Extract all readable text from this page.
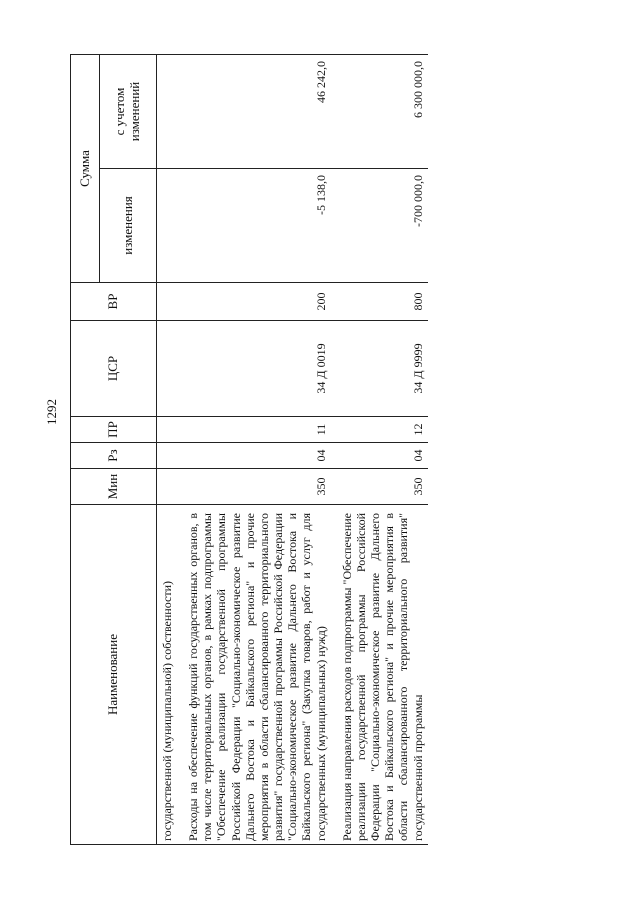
1292
Наименование	Мин	Рз	ПР	ЦСР	ВР	Сумма	
						изменения	с учетом изменений
государственной (муниципальной) собственности)							

Расходы на обеспечение функций государственных органов, в том числе территориальных органов, в рамках подпрограммы "Обеспечение реализации государственной программы Российской Федерации "Социально-экономическое развитие Дальнего Востока и Байкальского региона" и прочие мероприятия в области сбалансированного территориального развития" государственной программы Российской Федерации "Социально-экономическое развитие Дальнего Востока и Байкальского региона" (Закупка товаров, работ и услуг для государственных (муниципальных) нужд)	350	04	11	34 Д 0019	200	-5 138,0	46 242,0

Реализация направления расходов подпрограммы "Обеспечение реализации государственной программы Российской Федерации "Социально-экономическое развитие Дальнего Востока и Байкальского региона" и прочие мероприятия в области сбалансированного территориального развития" государственной программы	350	04	12	34 Д 9999	800	-700 000,0	6 300 000,0
